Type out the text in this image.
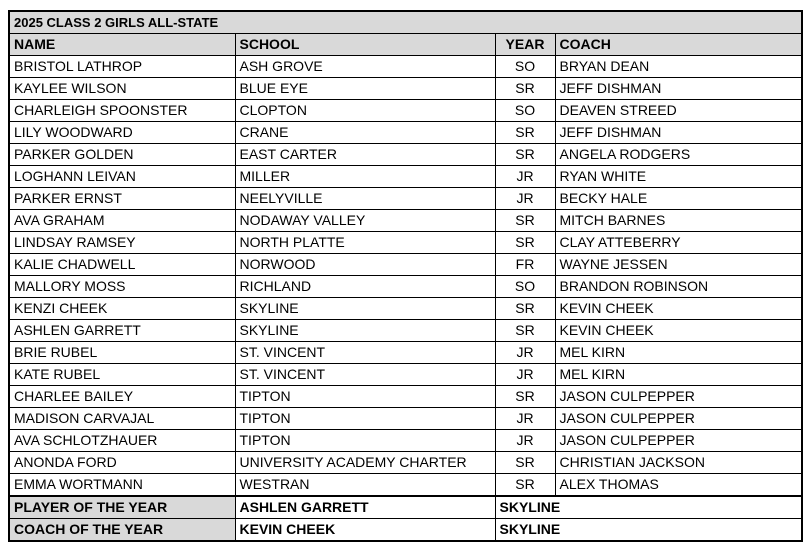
2025 CLASS 2 GIRLS ALL-STATE			
NAME	SCHOOL	YEAR	COACH
BRISTOL LATHROP	ASH GROVE	SO	BRYAN DEAN
KAYLEE WILSON	BLUE EYE	SR	JEFF DISHMAN
CHARLEIGH SPOONSTER	CLOPTON	SO	DEAVEN STREED
LILY WOODWARD	CRANE	SR	JEFF DISHMAN
PARKER GOLDEN	EAST CARTER	SR	ANGELA RODGERS
LOGHANN LEIVAN	MILLER	JR	RYAN WHITE
PARKER ERNST	NEELYVILLE	JR	BECKY HALE
AVA GRAHAM	NODAWAY VALLEY	SR	MITCH BARNES
LINDSAY RAMSEY	NORTH PLATTE	SR	CLAY ATTEBERRY
KALIE CHADWELL	NORWOOD	FR	WAYNE JESSEN
MALLORY MOSS	RICHLAND	SO	BRANDON ROBINSON
KENZI CHEEK	SKYLINE	SR	KEVIN CHEEK
ASHLEN GARRETT	SKYLINE	SR	KEVIN CHEEK
BRIE RUBEL	ST. VINCENT	JR	MEL KIRN
KATE RUBEL	ST. VINCENT	JR	MEL KIRN
CHARLEE BAILEY	TIPTON	SR	JASON CULPEPPER
MADISON CARVAJAL	TIPTON	JR	JASON CULPEPPER
AVA SCHLOTZHAUER	TIPTON	JR	JASON CULPEPPER
ANONDA FORD	UNIVERSITY ACADEMY CHARTER	SR	CHRISTIAN JACKSON
EMMA WORTMANN	WESTRAN	SR	ALEX THOMAS
PLAYER OF THE YEAR	ASHLEN GARRETT	SKYLINE	
COACH OF THE YEAR	KEVIN CHEEK	SKYLINE	
